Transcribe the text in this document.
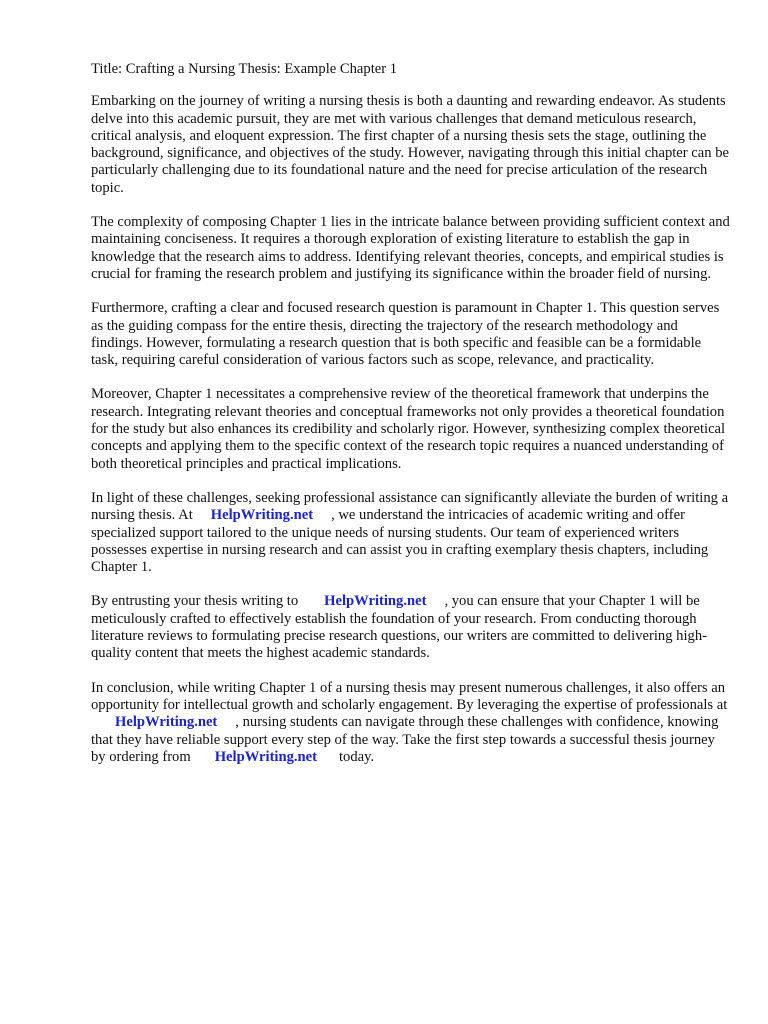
Title: Crafting a Nursing Thesis: Example Chapter 1

Embarking on the journey of writing a nursing thesis is both a daunting and rewarding endeavor. As students delve into this academic pursuit, they are met with various challenges that demand meticulous research, critical analysis, and eloquent expression. The first chapter of a nursing thesis sets the stage, outlining the background, significance, and objectives of the study. However, navigating through this initial chapter can be particularly challenging due to its foundational nature and the need for precise articulation of the research topic.

The complexity of composing Chapter 1 lies in the intricate balance between providing sufficient context and maintaining conciseness. It requires a thorough exploration of existing literature to establish the gap in knowledge that the research aims to address. Identifying relevant theories, concepts, and empirical studies is crucial for framing the research problem and justifying its significance within the broader field of nursing.

Furthermore, crafting a clear and focused research question is paramount in Chapter 1. This question serves as the guiding compass for the entire thesis, directing the trajectory of the research methodology and findings. However, formulating a research question that is both specific and feasible can be a formidable task, requiring careful consideration of various factors such as scope, relevance, and practicality.

Moreover, Chapter 1 necessitates a comprehensive review of the theoretical framework that underpins the research. Integrating relevant theories and conceptual frameworks not only provides a theoretical foundation for the study but also enhances its credibility and scholarly rigor. However, synthesizing complex theoretical concepts and applying them to the specific context of the research topic requires a nuanced understanding of both theoretical principles and practical implications.

In light of these challenges, seeking professional assistance can significantly alleviate the burden of writing a nursing thesis. At HelpWriting.net , we understand the intricacies of academic writing and offer specialized support tailored to the unique needs of nursing students. Our team of experienced writers possesses expertise in nursing research and can assist you in crafting exemplary thesis chapters, including Chapter 1.

By entrusting your thesis writing to HelpWriting.net , you can ensure that your Chapter 1 will be meticulously crafted to effectively establish the foundation of your research. From conducting thorough literature reviews to formulating precise research questions, our writers are committed to delivering high-quality content that meets the highest academic standards.

In conclusion, while writing Chapter 1 of a nursing thesis may present numerous challenges, it also offers an opportunity for intellectual growth and scholarly engagement. By leveraging the expertise of professionals atHelpWriting.net , nursing students can navigate through these challenges with confidence, knowing that they have reliable support every step of the way. Take the first step towards a successful thesis journey by ordering from HelpWriting.net today.
